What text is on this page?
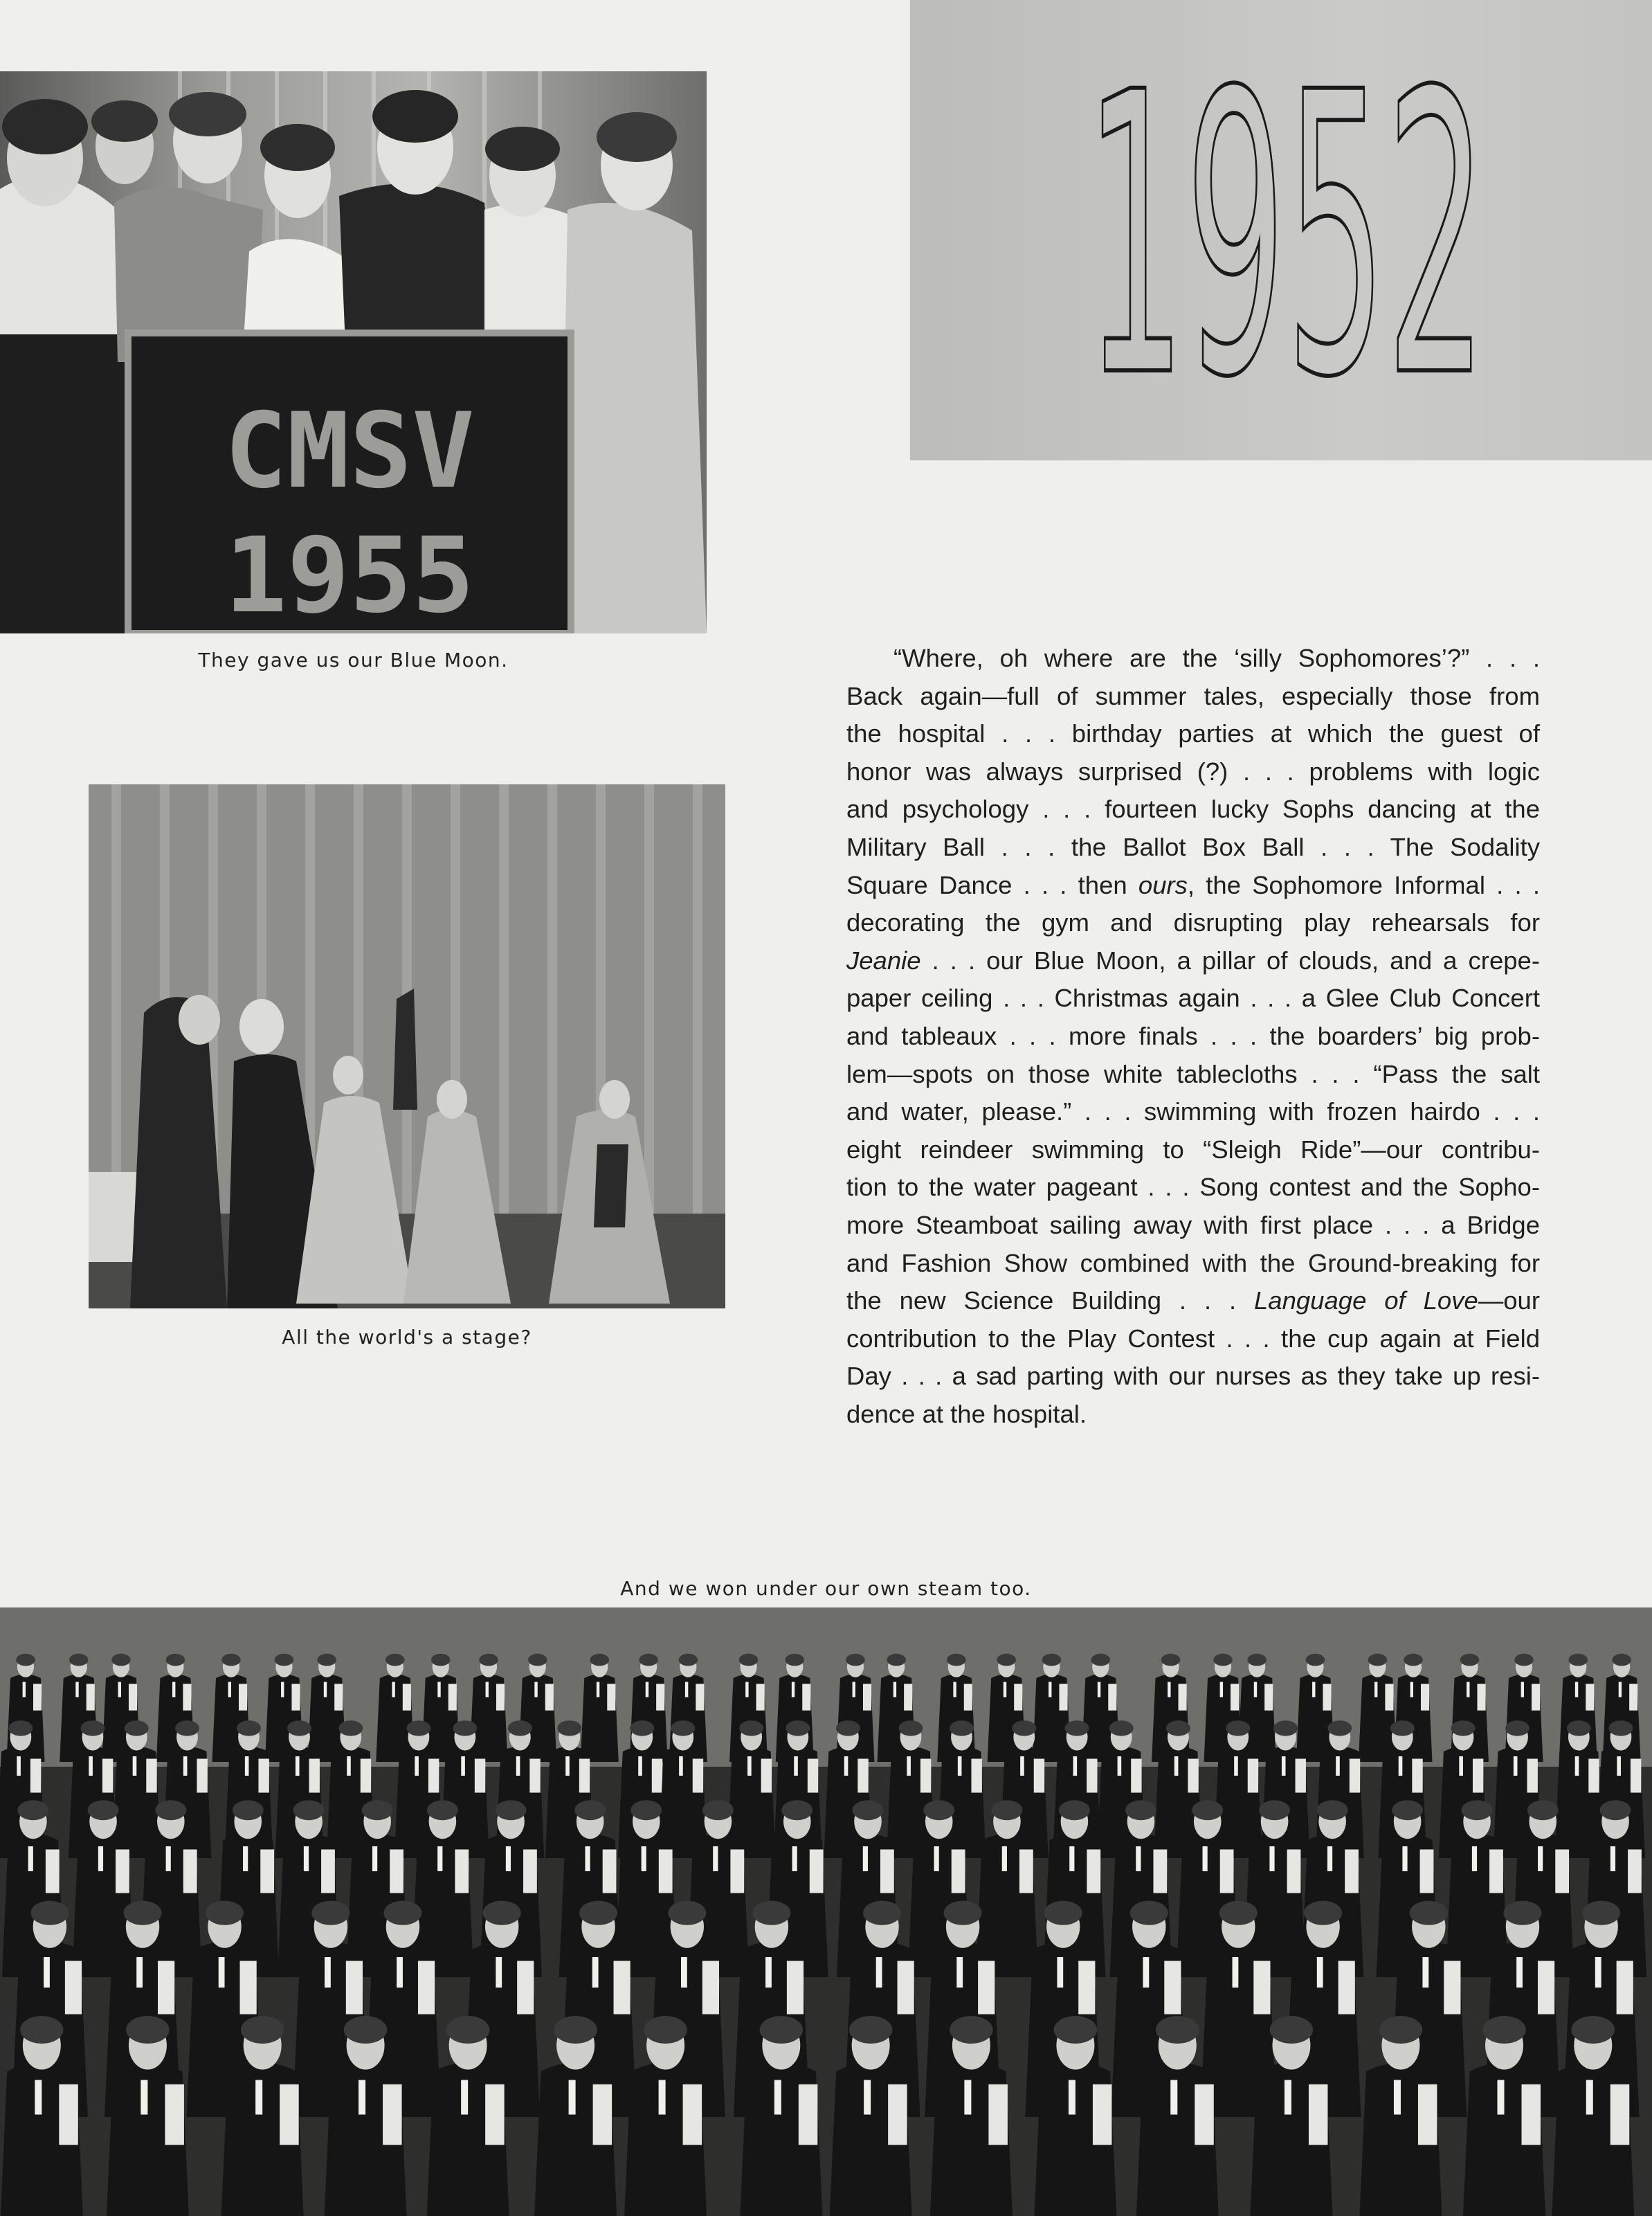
CMSV
1955
They gave us our Blue Moon.
1952
All the world's a stage?
“Where, oh where are the ‘silly Sophomores’?” . . .
Back again—full of summer tales, especially those from
the hospital . . . birthday parties at which the guest of
honor was always surprised (?) . . . problems with logic
and psychology . . . fourteen lucky Sophs dancing at the
Military Ball . . . the Ballot Box Ball . . . The Sodality
Square Dance . . . then ours, the Sophomore Informal . . .
decorating the gym and disrupting play rehearsals for
Jeanie . . . our Blue Moon, a pillar of clouds, and a crepe-
paper ceiling . . . Christmas again . . . a Glee Club Concert
and tableaux . . . more finals . . . the boarders’ big prob-
lem—spots on those white tablecloths . . . “Pass the salt
and water, please.” . . . swimming with frozen hairdo . . .
eight reindeer swimming to “Sleigh Ride”—our contribu-
tion to the water pageant . . . Song contest and the Sopho-
more Steamboat sailing away with first place . . . a Bridge
and Fashion Show combined with the Ground-breaking for
the new Science Building . . . Language of Love—our
contribution to the Play Contest . . . the cup again at Field
Day . . . a sad parting with our nurses as they take up resi-
dence at the hospital.
And we won under our own steam too.
